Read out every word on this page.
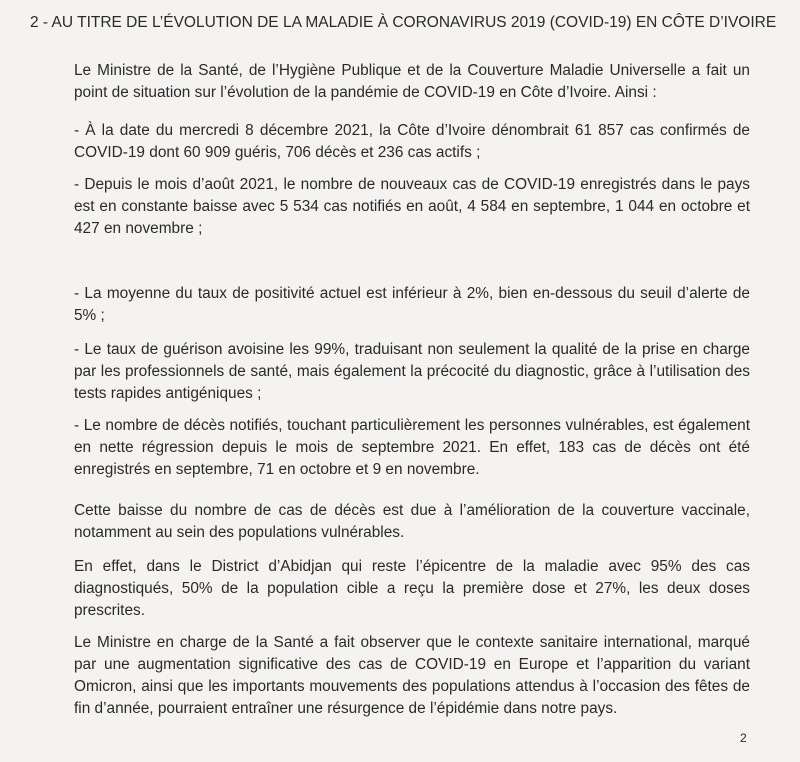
2 - AU TITRE DE L’ÉVOLUTION DE LA MALADIE À CORONAVIRUS 2019 (COVID-19) EN CÔTE D’IVOIRE
Le Ministre de la Santé, de l’Hygiène Publique et de la Couverture Maladie Universelle a fait un point de situation sur l’évolution de la pandémie de COVID-19 en Côte d’Ivoire. Ainsi :
- À la date du mercredi 8 décembre 2021, la Côte d’Ivoire dénombrait 61 857 cas confirmés de COVID-19 dont 60 909 guéris, 706 décès et 236 cas actifs ;
- Depuis le mois d’août 2021, le nombre de nouveaux cas de COVID-19 enregistrés dans le pays est en constante baisse avec 5 534 cas notifiés en août, 4 584 en septembre, 1 044 en octobre et 427 en novembre ;
- La moyenne du taux de positivité actuel est inférieur à 2%, bien en-dessous du seuil d’alerte de 5% ;
- Le taux de guérison avoisine les 99%, traduisant non seulement la qualité de la prise en charge par les professionnels de santé, mais également la précocité du diagnostic, grâce à l’utilisation des tests rapides antigéniques ;
- Le nombre de décès notifiés, touchant particulièrement les personnes vulnérables, est également en nette régression depuis le mois de septembre 2021. En effet, 183 cas de décès ont été enregistrés en septembre, 71 en octobre et 9 en novembre.
Cette baisse du nombre de cas de décès est due à l’amélioration de la couverture vaccinale, notamment au sein des populations vulnérables.
En effet, dans le District d’Abidjan qui reste l’épicentre de la maladie avec 95% des cas diagnostiqués, 50% de la population cible a reçu la première dose et 27%, les deux doses prescrites.
Le Ministre en charge de la Santé a fait observer que le contexte sanitaire international, marqué par une augmentation significative des cas de COVID-19 en Europe et l’apparition du variant Omicron, ainsi que les importants mouvements des populations attendus à l’occasion des fêtes de fin d’année, pourraient entraîner une résurgence de l’épidémie dans notre pays.
2
